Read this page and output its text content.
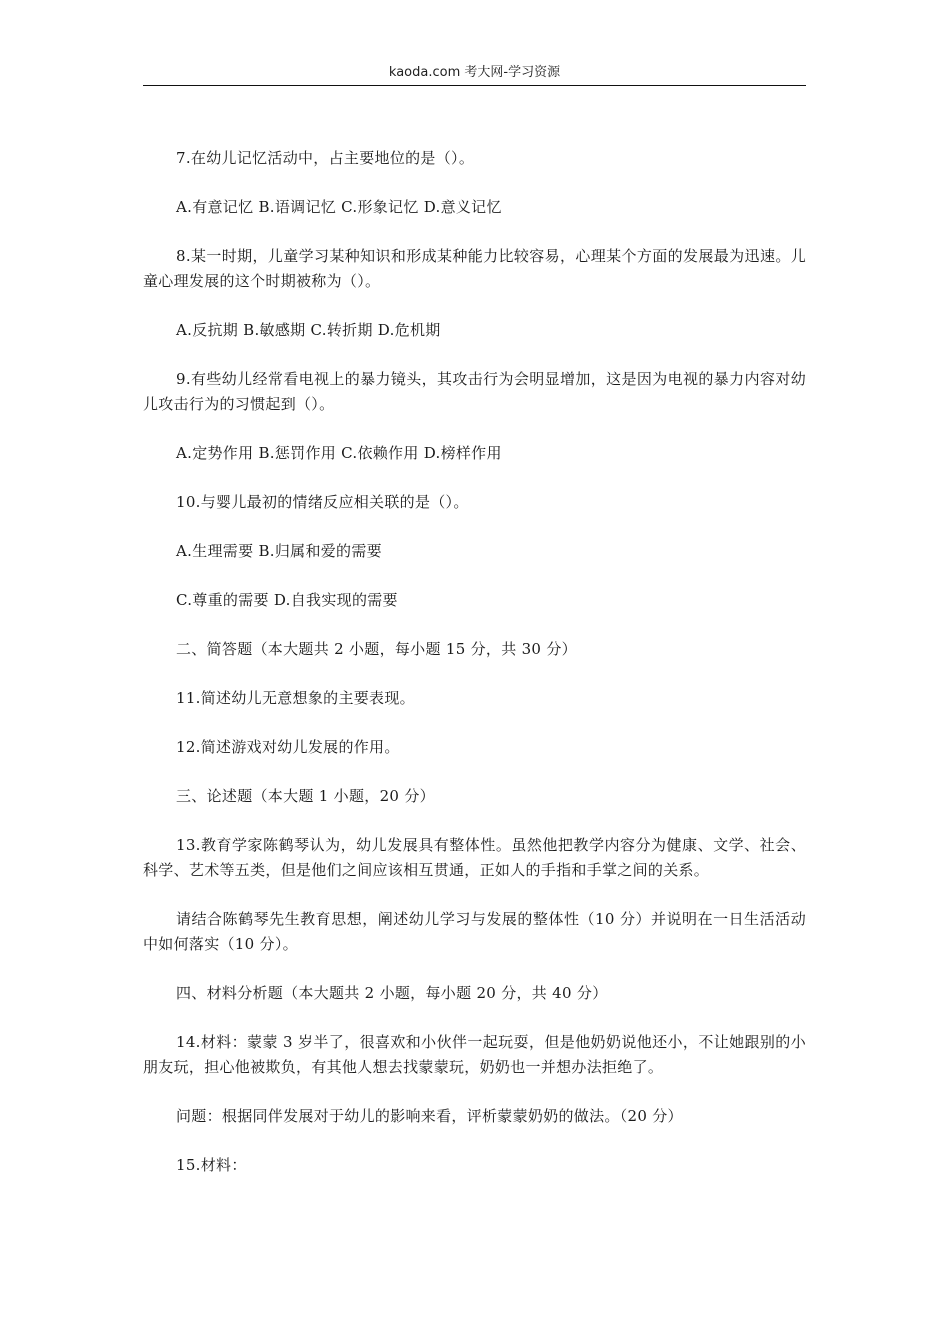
kaoda.com 考大网-学习资源

7.在幼儿记忆活动中，占主要地位的是（）。

A.有意记忆 B.语调记忆 C.形象记忆 D.意义记忆

8.某一时期，儿童学习某种知识和形成某种能力比较容易，心理某个方面的发展最为迅速。儿童心理发展的这个时期被称为（）。

A.反抗期 B.敏感期 C.转折期 D.危机期

9.有些幼儿经常看电视上的暴力镜头，其攻击行为会明显增加，这是因为电视的暴力内容对幼儿攻击行为的习惯起到（）。

A.定势作用 B.惩罚作用 C.依赖作用 D.榜样作用

10.与婴儿最初的情绪反应相关联的是（）。

A.生理需要 B.归属和爱的需要

C.尊重的需要 D.自我实现的需要

二、简答题（本大题共 2 小题，每小题 15 分，共 30 分）

11.简述幼儿无意想象的主要表现。

12.简述游戏对幼儿发展的作用。

三、论述题（本大题 1 小题，20 分）

13.教育学家陈鹤琴认为，幼儿发展具有整体性。虽然他把教学内容分为健康、文学、社会、科学、艺术等五类，但是他们之间应该相互贯通，正如人的手指和手掌之间的关系。

请结合陈鹤琴先生教育思想，阐述幼儿学习与发展的整体性（10 分）并说明在一日生活活动中如何落实（10 分）。

四、材料分析题（本大题共 2 小题，每小题 20 分，共 40 分）

14.材料：蒙蒙 3 岁半了，很喜欢和小伙伴一起玩耍，但是他奶奶说他还小，不让她跟别的小朋友玩，担心他被欺负，有其他人想去找蒙蒙玩，奶奶也一并想办法拒绝了。

问题：根据同伴发展对于幼儿的影响来看，评析蒙蒙奶奶的做法。（20 分）

15.材料：
